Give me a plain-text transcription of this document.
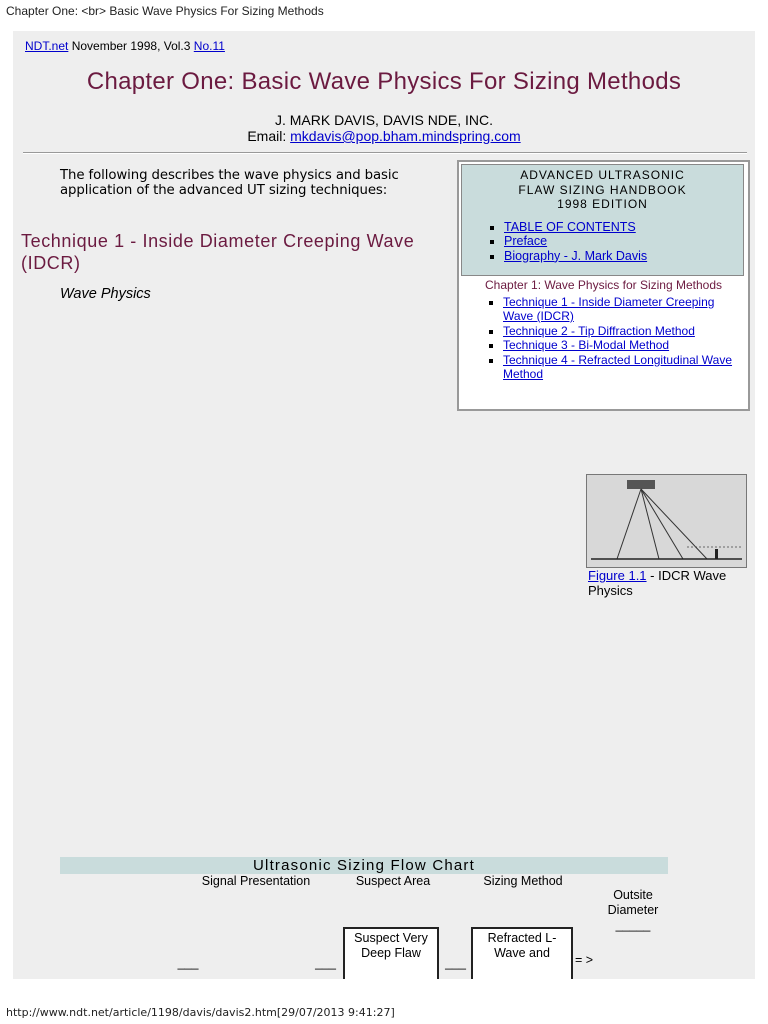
Chapter One: <br> Basic Wave Physics For Sizing Methods
NDT.net November 1998, Vol.3 No.11
Chapter One: Basic Wave Physics For Sizing Methods
J. MARK DAVIS, DAVIS NDE, INC.
Email: mkdavis@pop.bham.mindspring.com
The following describes the wave physics and basic application of the advanced UT sizing techniques:
ADVANCED ULTRASONIC
FLAW SIZING HANDBOOK
1998 EDITION
▪ TABLE OF CONTENTS
▪ Preface
▪ Biography - J. Mark Davis
Chapter 1: Wave Physics for Sizing Methods
▪ Technique 1 - Inside Diameter Creeping Wave (IDCR)
▪ Technique 2 - Tip Diffraction Method
▪ Technique 3 - Bi-Modal Method
▪ Technique 4 - Refracted Longitudinal Wave Method
Technique 1 - Inside Diameter Creeping Wave (IDCR)
Wave Physics
Figure 1.1 - IDCR Wave Physics
Ultrasonic Sizing Flow Chart
Signal Presentation	Suspect Area	Sizing Method
Outsite Diameter
_____
___	___
Suspect Very Deep Flaw
___
Refracted L-Wave and
= >
http://www.ndt.net/article/1198/davis/davis2.htm[29/07/2013 9:41:27]
